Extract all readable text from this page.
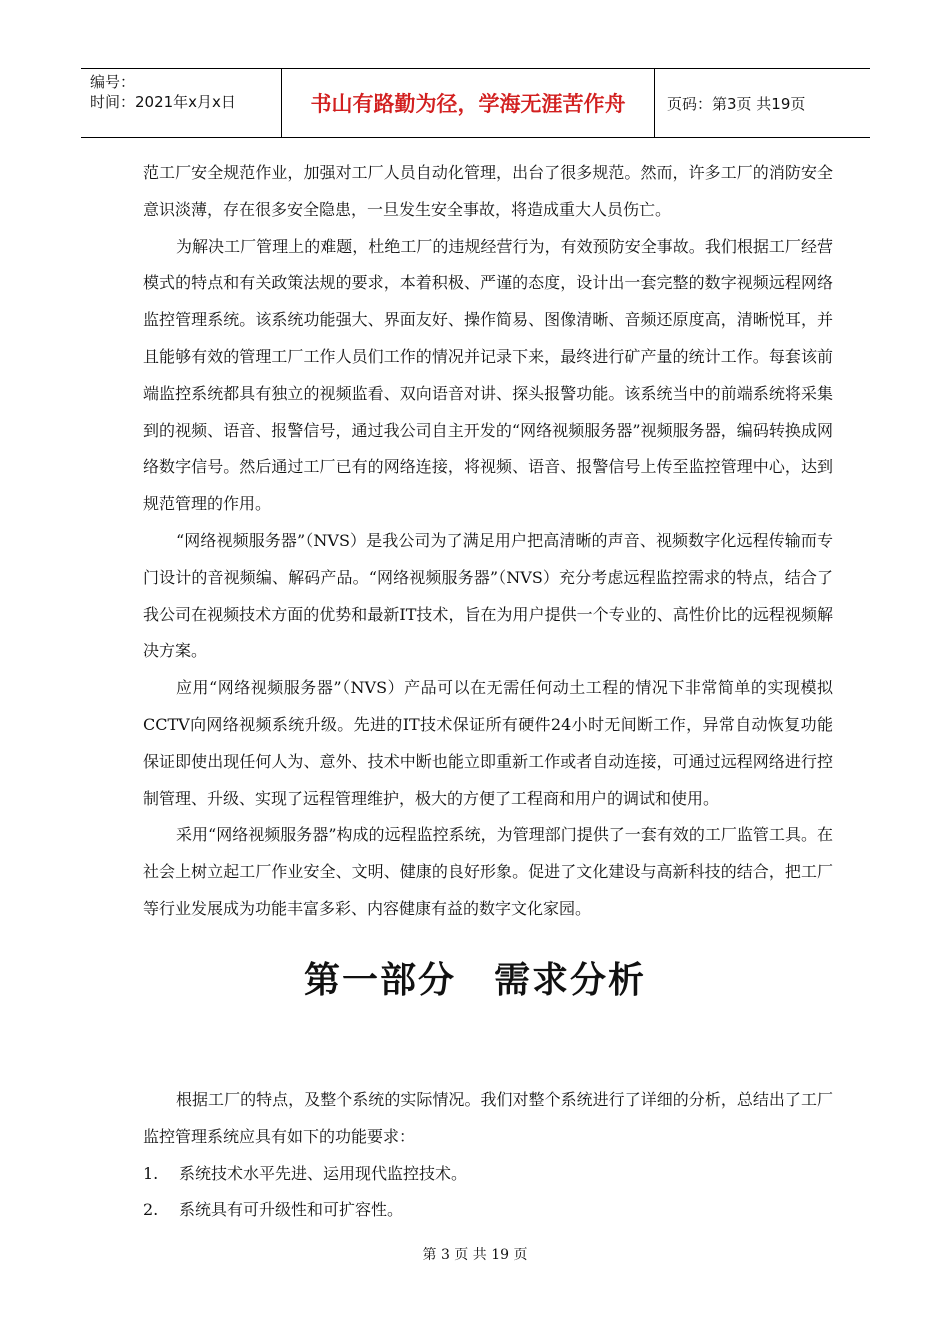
编号：
时间：2021年x月x日	书山有路勤为径，学海无涯苦作舟	页码：第3页 共19页

范工厂安全规范作业，加强对工厂人员自动化管理，出台了很多规范。然而，许多工厂的消防安全意识淡薄，存在很多安全隐患，一旦发生安全事故，将造成重大人员伤亡。

为解决工厂管理上的难题，杜绝工厂的违规经营行为，有效预防安全事故。我们根据工厂经营模式的特点和有关政策法规的要求，本着积极、严谨的态度，设计出一套完整的数字视频远程网络监控管理系统。该系统功能强大、界面友好、操作简易、图像清晰、音频还原度高，清晰悦耳，并且能够有效的管理工厂工作人员们工作的情况并记录下来，最终进行矿产量的统计工作。每套该前端监控系统都具有独立的视频监看、双向语音对讲、探头报警功能。该系统当中的前端系统将采集到的视频、语音、报警信号，通过我公司自主开发的“网络视频服务器”视频服务器，编码转换成网络数字信号。然后通过工厂已有的网络连接，将视频、语音、报警信号上传至监控管理中心，达到规范管理的作用。

“网络视频服务器”（NVS）是我公司为了满足用户把高清晰的声音、视频数字化远程传输而专门设计的音视频编、解码产品。“网络视频服务器”（NVS）充分考虑远程监控需求的特点，结合了我公司在视频技术方面的优势和最新IT技术，旨在为用户提供一个专业的、高性价比的远程视频解决方案。

应用“网络视频服务器”（NVS）产品可以在无需任何动土工程的情况下非常简单的实现模拟CCTV向网络视频系统升级。先进的IT技术保证所有硬件24小时无间断工作，异常自动恢复功能保证即使出现任何人为、意外、技术中断也能立即重新工作或者自动连接，可通过远程网络进行控制管理、升级、实现了远程管理维护，极大的方便了工程商和用户的调试和使用。

采用“网络视频服务器”构成的远程监控系统，为管理部门提供了一套有效的工厂监管工具。在社会上树立起工厂作业安全、文明、健康的良好形象。促进了文化建设与高新科技的结合，把工厂等行业发展成为功能丰富多彩、内容健康有益的数字文化家园。

第一部分　需求分析

根据工厂的特点，及整个系统的实际情况。我们对整个系统进行了详细的分析，总结出了工厂监控管理系统应具有如下的功能要求：

1.	系统技术水平先进、运用现代监控技术。
2.	系统具有可升级性和可扩容性。
第 3 页 共 19 页
